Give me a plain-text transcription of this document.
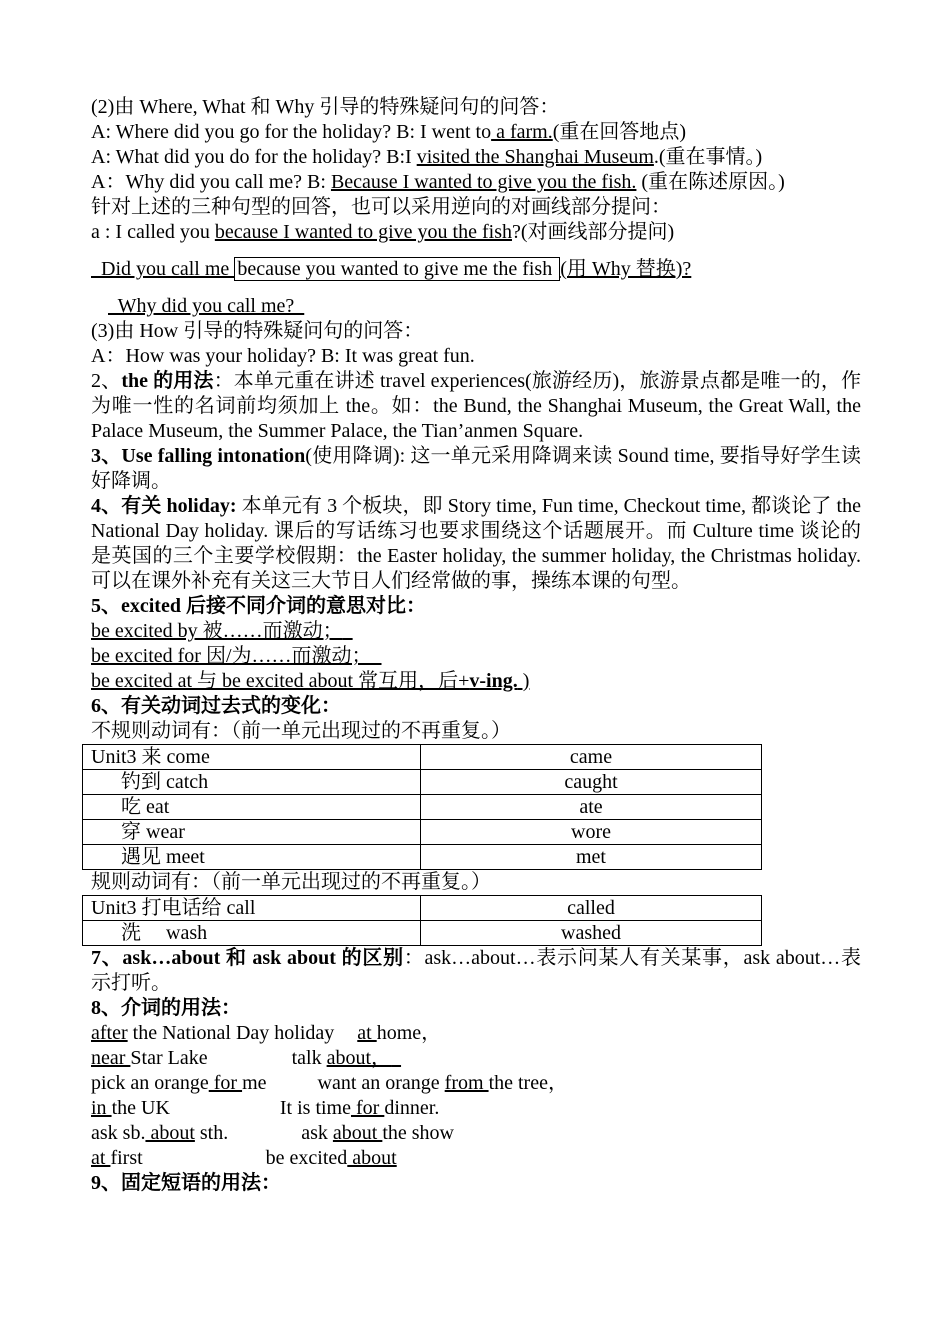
(2)由 Where, What 和 Why 引导的特殊疑问句的问答：
A: Where did you go for the holiday? B: I went to a farm.(重在回答地点)
A: What did you do for the holiday? B:I visited the Shanghai Museum.(重在事情。)
A：Why did you call me? B: Because I wanted to give you the fish. (重在陈述原因。)
针对上述的三种句型的回答，也可以采用逆向的对画线部分提问：
a : I called you because I wanted to give you the fish?(对画线部分提问)
Did you call me because you wanted to give me the fish (用 Why 替换)?
Why did you call me?
(3)由 How 引导的特殊疑问句的问答：
A：How was your holiday? B: It was great fun.
2、the 的用法：本单元重在讲述 travel experiences(旅游经历)，旅游景点都是唯一的，作为唯一性的名词前均须加上 the。如：the Bund, the Shanghai Museum, the Great Wall, the Palace Museum, the Summer Palace, the Tian’anmen Square.
3、Use falling intonation(使用降调): 这一单元采用降调来读 Sound time, 要指导好学生读好降调。
4、有关 holiday: 本单元有 3 个板块，即 Story time, Fun time, Checkout time, 都谈论了 the National Day holiday. 课后的写话练习也要求围绕这个话题展开。而 Culture time 谈论的是英国的三个主要学校假期：the Easter holiday, the summer holiday, the Christmas holiday. 可以在课外补充有关这三大节日人们经常做的事，操练本课的句型。
5、excited 后接不同介词的意思对比：
be excited by 被……而激动；
be excited for 因/为……而激动；
be excited at 与 be excited about 常互用，后+v-ing. )
6、有关动词过去式的变化：
不规则动词有：（前一单元出现过的不再重复。）
Unit3 来 come	came
钓到 catch	caught
吃 eat	ate
穿 wear	wore
遇见 meet	met
规则动词有：（前一单元出现过的不再重复。）
Unit3 打电话给 call	called
洗     wash	washed
7、ask…about 和 ask about 的区别：ask…about…表示问某人有关某事，ask about…表示打听。
8、介词的用法：
after the National Day holiday at home，
near Star Lake	talk about，
pick an orange for me	want an orange from the tree，
in the UK	It is time for dinner.
ask sb. about sth.	ask about the show
at first	be excited about
9、固定短语的用法：
